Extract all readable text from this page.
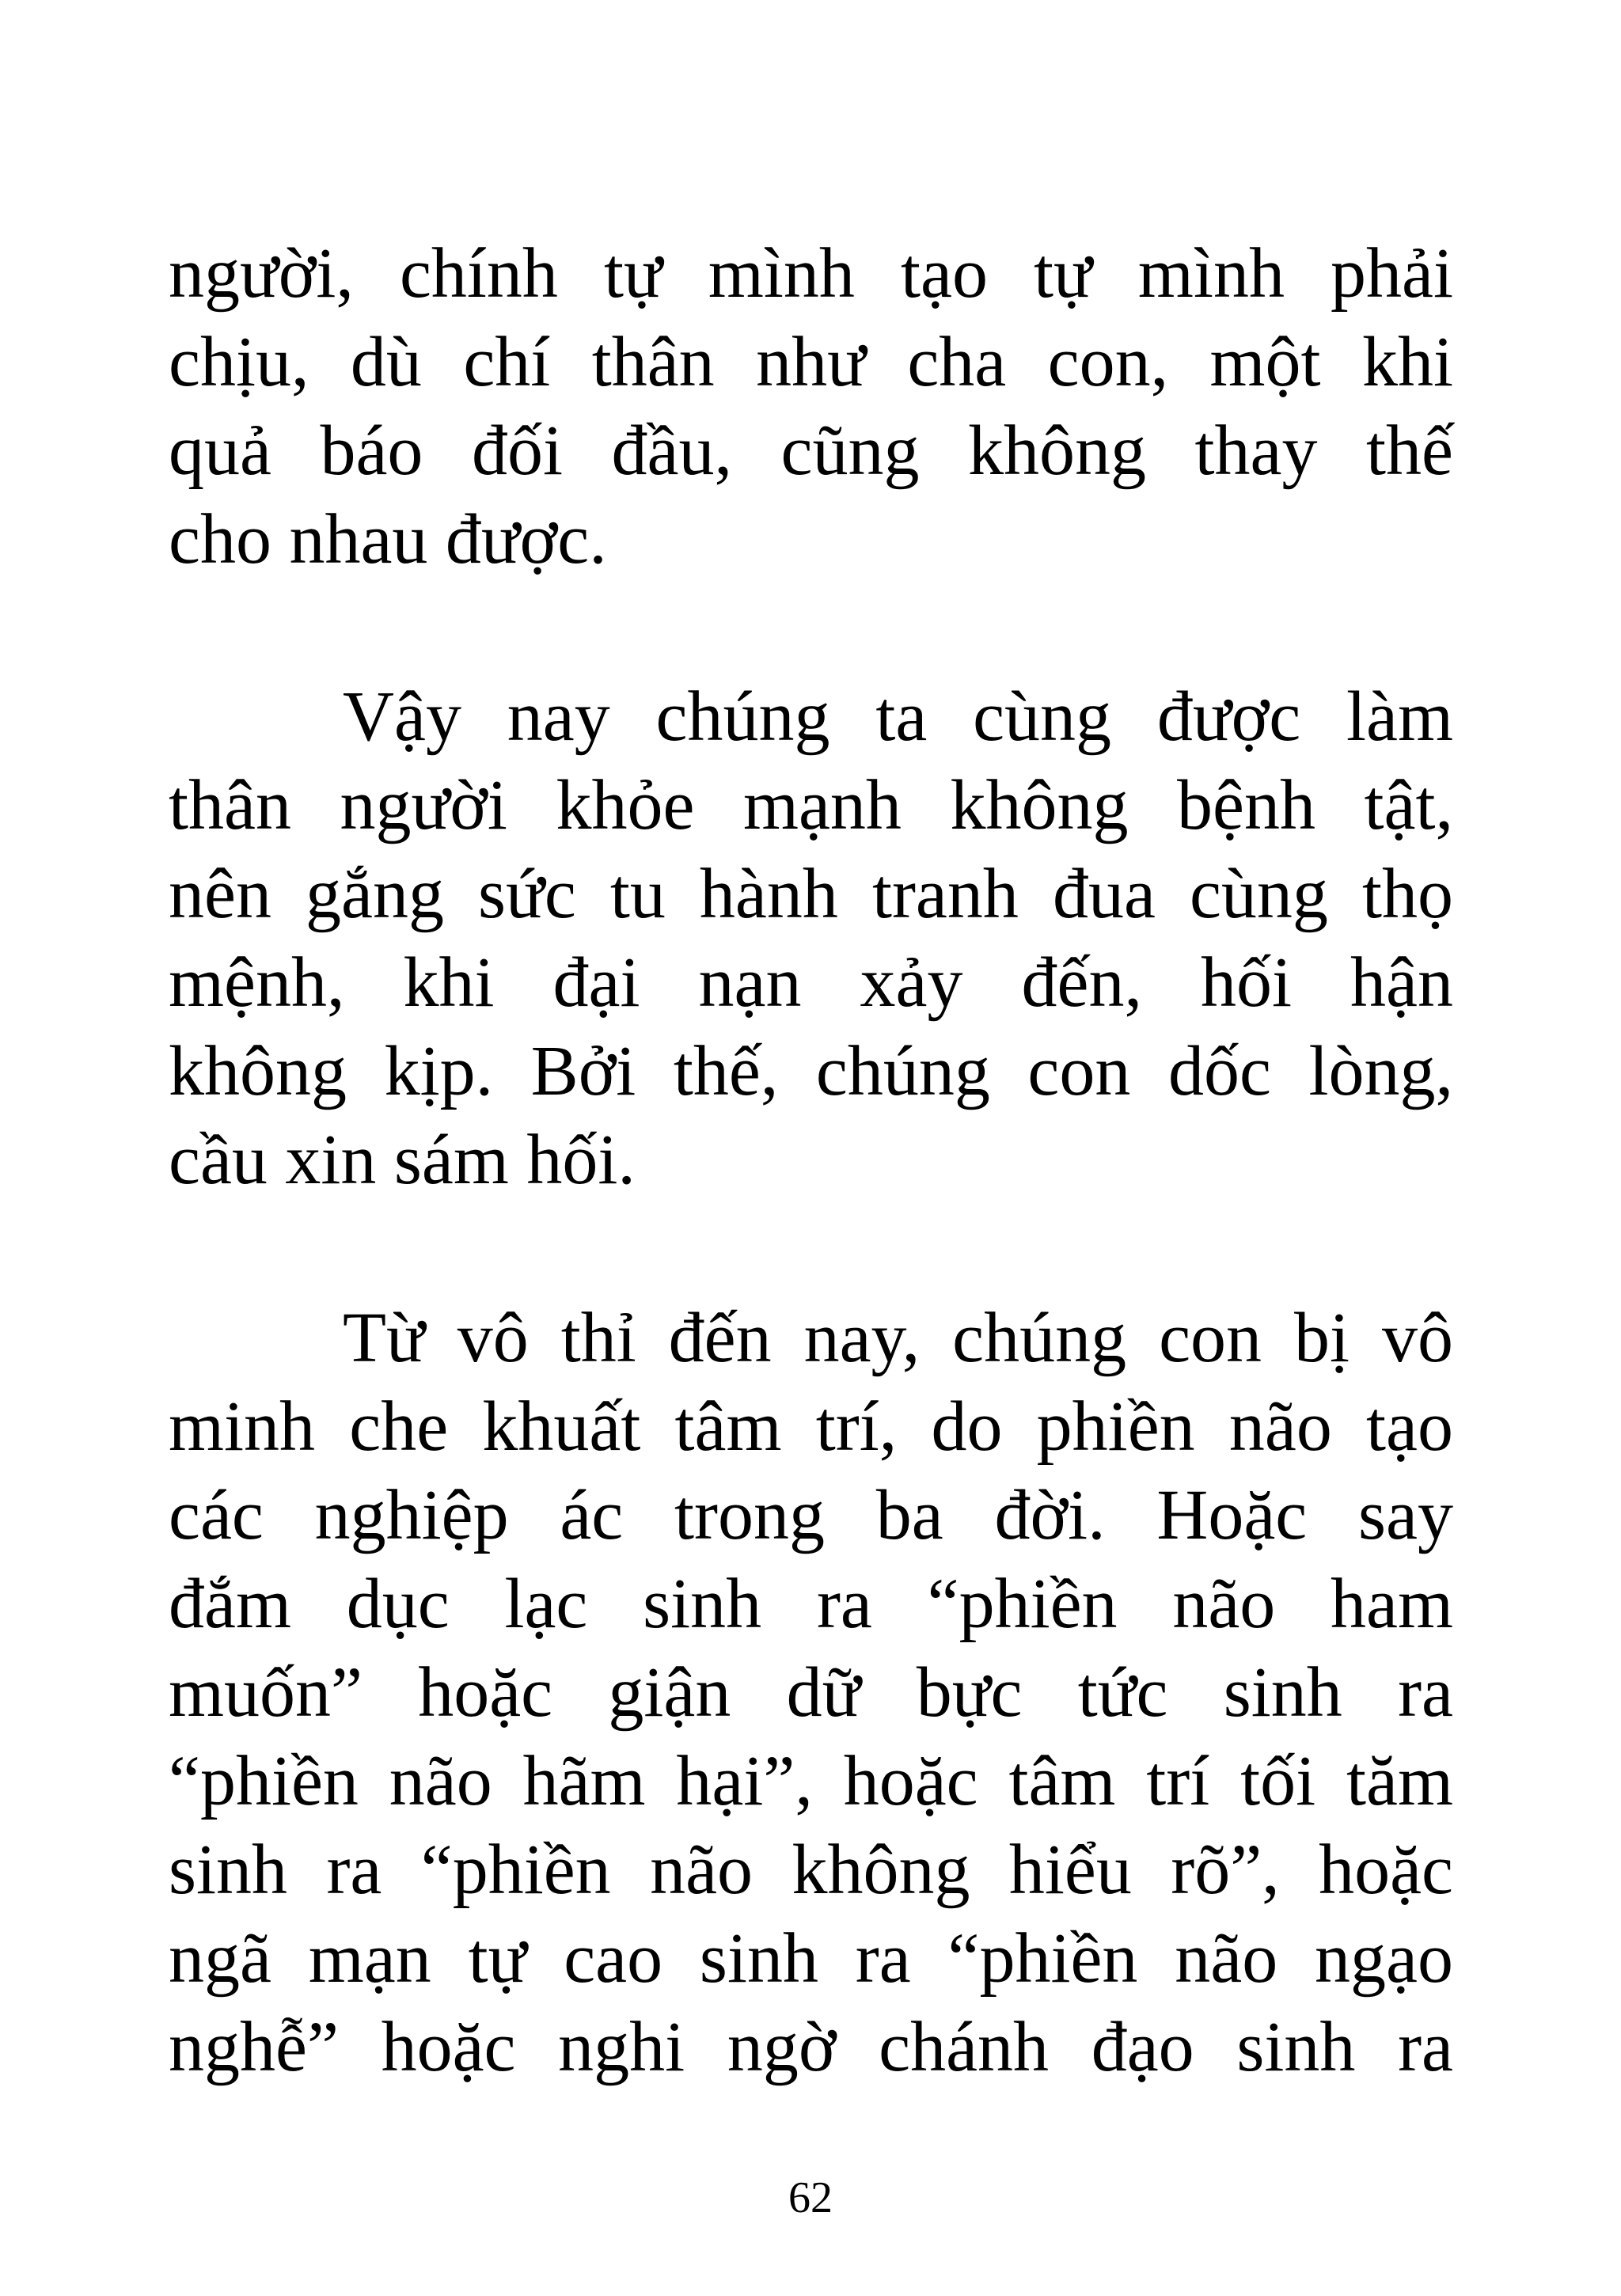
người, chính tự mình tạo tự mình phải
chịu, dù chí thân như cha con, một khi
quả báo đối đầu, cũng không thay thế
cho nhau được.
Vậy nay chúng ta cùng được làm
thân người khỏe mạnh không bệnh tật,
nên gắng sức tu hành tranh đua cùng thọ
mệnh, khi đại nạn xảy đến, hối hận
không kịp. Bởi thế, chúng con dốc lòng,
cầu xin sám hối.
Từ vô thỉ đến nay, chúng con bị vô
minh che khuất tâm trí, do phiền não tạo
các nghiệp ác trong ba đời. Hoặc say
đắm dục lạc sinh ra “phiền não ham
muốn” hoặc giận dữ bực tức sinh ra
“phiền não hãm hại”, hoặc tâm trí tối tăm
sinh ra “phiền não không hiểu rõ”, hoặc
ngã mạn tự cao sinh ra “phiền não ngạo
nghễ” hoặc nghi ngờ chánh đạo sinh ra
62
